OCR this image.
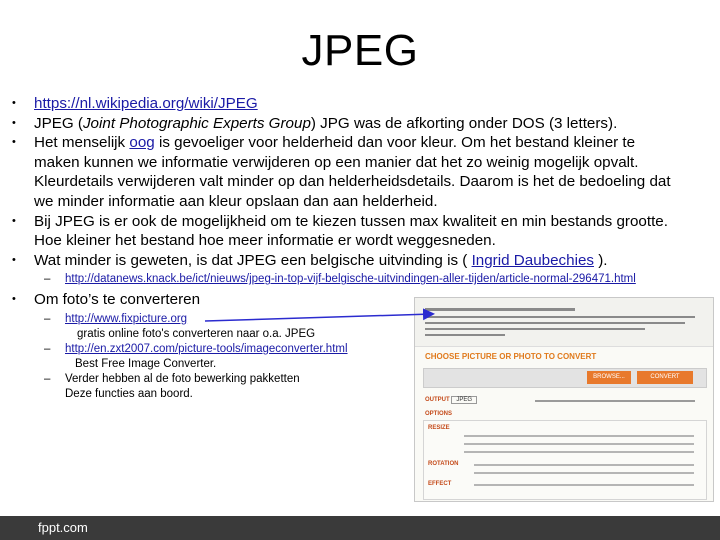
JPEG
• https://nl.wikipedia.org/wiki/JPEG
• JPEG (Joint Photographic Experts Group) JPG was de afkorting onder DOS (3 letters).
• Het menselijk oog is gevoeliger voor helderheid dan voor kleur. Om het bestand kleiner te
maken kunnen we informatie verwijderen op een manier dat het zo weinig mogelijk opvalt.
Kleurdetails verwijderen valt minder op dan helderheidsdetails. Daarom is het de bedoeling dat
we minder informatie aan kleur opslaan dan aan helderheid.
• Bij JPEG is er ook de mogelijkheid om te kiezen tussen max kwaliteit en min bestands grootte.
Hoe kleiner het bestand hoe meer informatie er wordt weggesneden.
• Wat minder is geweten, is dat JPEG een belgische uitvinding is ( Ingrid Daubechies ).
– http://datanews.knack.be/ict/nieuws/jpeg-in-top-vijf-belgische-uitvindingen-aller-tijden/article-normal-296471.html
• Om foto’s te converteren
– http://www.fixpicture.org
gratis online foto's converteren naar o.a. JPEG
– http://en.zxt2007.com/picture-tools/imageconverter.html
Best Free Image Converter.
– Verder hebben al de foto bewerking pakketten
Deze functies aan boord.
CHOOSE PICTURE OR PHOTO TO CONVERT
BROWSE...	CONVERT
OUTPUT JPEG
OPTIONS
RESIZE
ROTATION
EFFECT
fppt.com
